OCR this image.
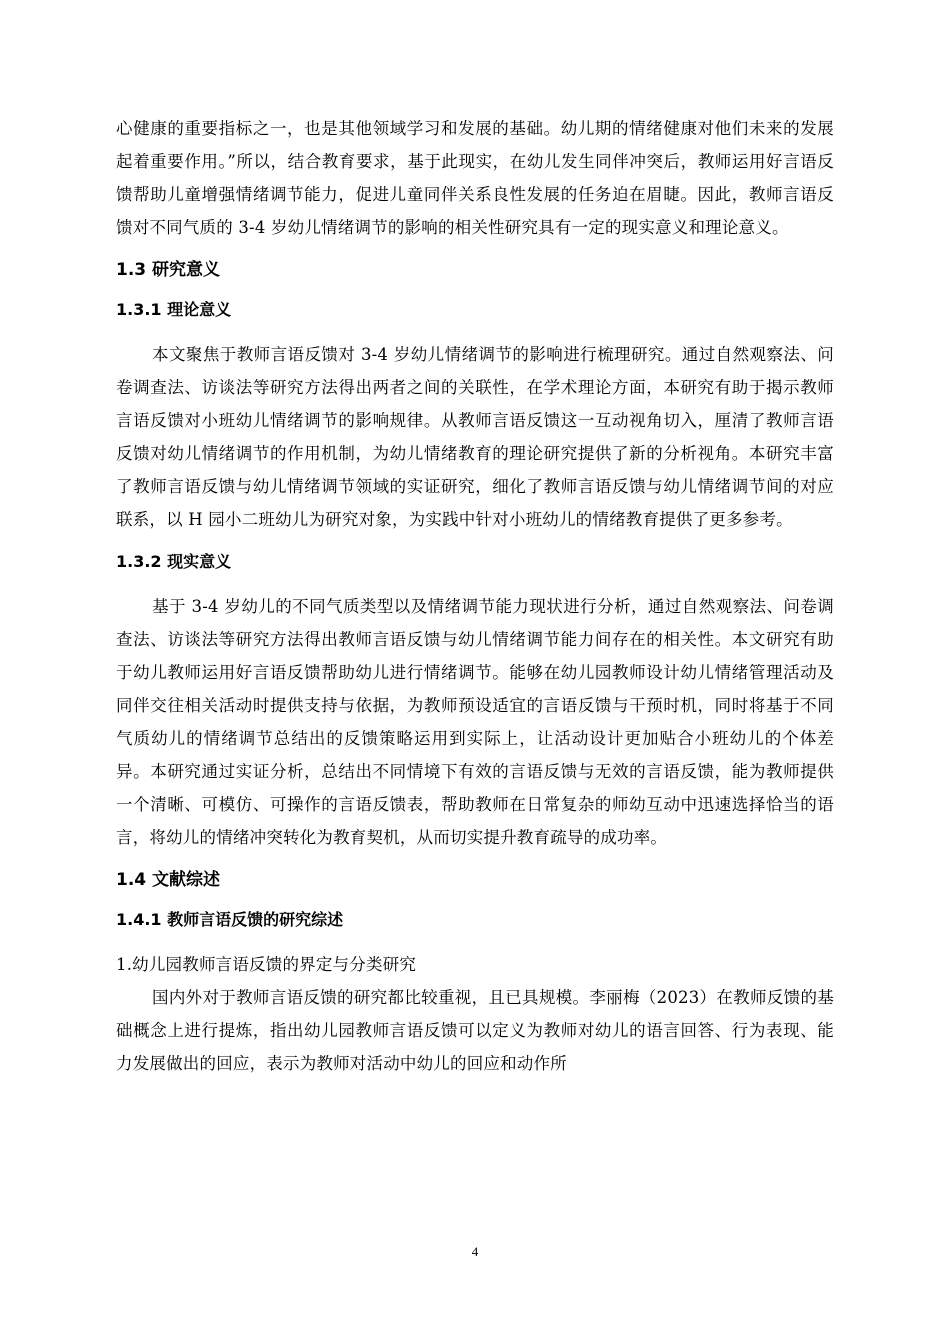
心健康的重要指标之一，也是其他领域学习和发展的基础。幼儿期的情绪健康对他们未来的发展起着重要作用。”所以，结合教育要求，基于此现实，在幼儿发生同伴冲突后，教师运用好言语反馈帮助儿童增强情绪调节能力，促进儿童同伴关系良性发展的任务迫在眉睫。因此，教师言语反馈对不同气质的 3-4 岁幼儿情绪调节的影响的相关性研究具有一定的现实意义和理论意义。

1.3 研究意义
1.3.1 理论意义

本文聚焦于教师言语反馈对 3-4 岁幼儿情绪调节的影响进行梳理研究。通过自然观察法、问卷调查法、访谈法等研究方法得出两者之间的关联性，在学术理论方面，本研究有助于揭示教师言语反馈对小班幼儿情绪调节的影响规律。从教师言语反馈这一互动视角切入，厘清了教师言语反馈对幼儿情绪调节的作用机制，为幼儿情绪教育的理论研究提供了新的分析视角。本研究丰富了教师言语反馈与幼儿情绪调节领域的实证研究，细化了教师言语反馈与幼儿情绪调节间的对应联系，以 H 园小二班幼儿为研究对象，为实践中针对小班幼儿的情绪教育提供了更多参考。

1.3.2 现实意义

基于 3-4 岁幼儿的不同气质类型以及情绪调节能力现状进行分析，通过自然观察法、问卷调查法、访谈法等研究方法得出教师言语反馈与幼儿情绪调节能力间存在的相关性。本文研究有助于幼儿教师运用好言语反馈帮助幼儿进行情绪调节。能够在幼儿园教师设计幼儿情绪管理活动及同伴交往相关活动时提供支持与依据，为教师预设适宜的言语反馈与干预时机，同时将基于不同气质幼儿的情绪调节总结出的反馈策略运用到实际上，让活动设计更加贴合小班幼儿的个体差异。本研究通过实证分析，总结出不同情境下有效的言语反馈与无效的言语反馈，能为教师提供一个清晰、可模仿、可操作的言语反馈表，帮助教师在日常复杂的师幼互动中迅速选择恰当的语言，将幼儿的情绪冲突转化为教育契机，从而切实提升教育疏导的成功率。

1.4 文献综述
1.4.1 教师言语反馈的研究综述

1.幼儿园教师言语反馈的界定与分类研究

国内外对于教师言语反馈的研究都比较重视，且已具规模。李丽梅（2023）在教师反馈的基础概念上进行提炼，指出幼儿园教师言语反馈可以定义为教师对幼儿的语言回答、行为表现、能力发展做出的回应，表示为教师对活动中幼儿的回应和动作所

4
